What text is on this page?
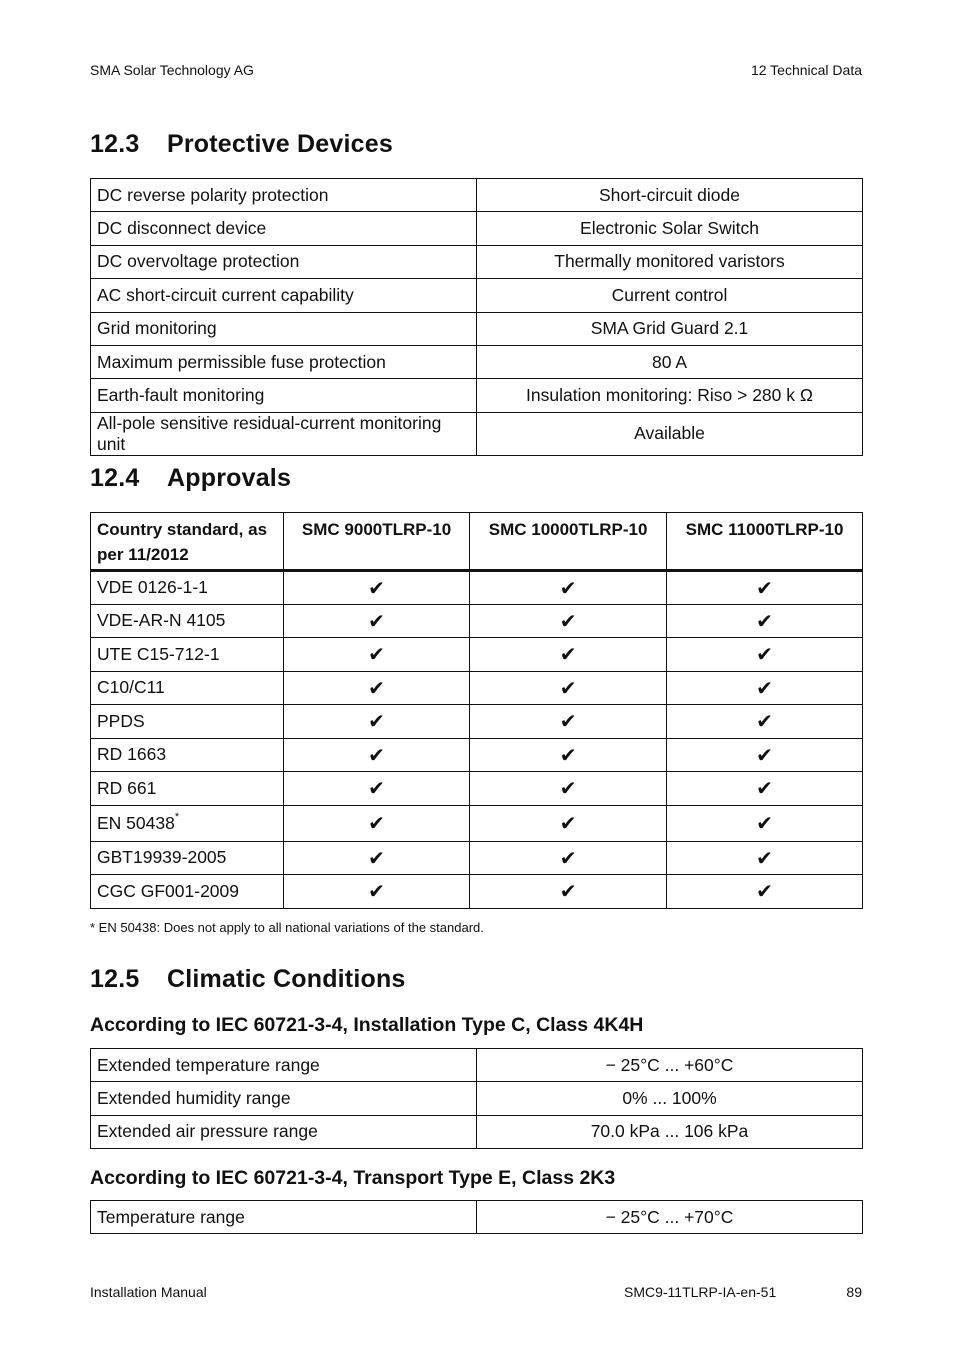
SMA Solar Technology AG	12 Technical Data
12.3 Protective Devices
DC reverse polarity protection	Short-circuit diode
DC disconnect device	Electronic Solar Switch
DC overvoltage protection	Thermally monitored varistors
AC short-circuit current capability	Current control
Grid monitoring	SMA Grid Guard 2.1
Maximum permissible fuse protection	80 A
Earth-fault monitoring	Insulation monitoring: Riso > 280 k Ω
All-pole sensitive residual-current monitoring unit	Available
12.4 Approvals
Country standard, as per 11/2012	SMC 9000TLRP-10	SMC 10000TLRP-10	SMC 11000TLRP-10
VDE 0126-1-1	✔	✔	✔
VDE-AR-N 4105	✔	✔	✔
UTE C15-712-1	✔	✔	✔
C10/C11	✔	✔	✔
PPDS	✔	✔	✔
RD 1663	✔	✔	✔
RD 661	✔	✔	✔
EN 50438*	✔	✔	✔
GBT19939-2005	✔	✔	✔
CGC GF001-2009	✔	✔	✔
* EN 50438: Does not apply to all national variations of the standard.
12.5 Climatic Conditions
According to IEC 60721-3-4, Installation Type C, Class 4K4H
Extended temperature range	− 25°C ... +60°C
Extended humidity range	0% ... 100%
Extended air pressure range	70.0 kPa ... 106 kPa
According to IEC 60721-3-4, Transport Type E, Class 2K3
Temperature range	− 25°C ... +70°C
Installation Manual	SMC9-11TLRP-IA-en-51	89
